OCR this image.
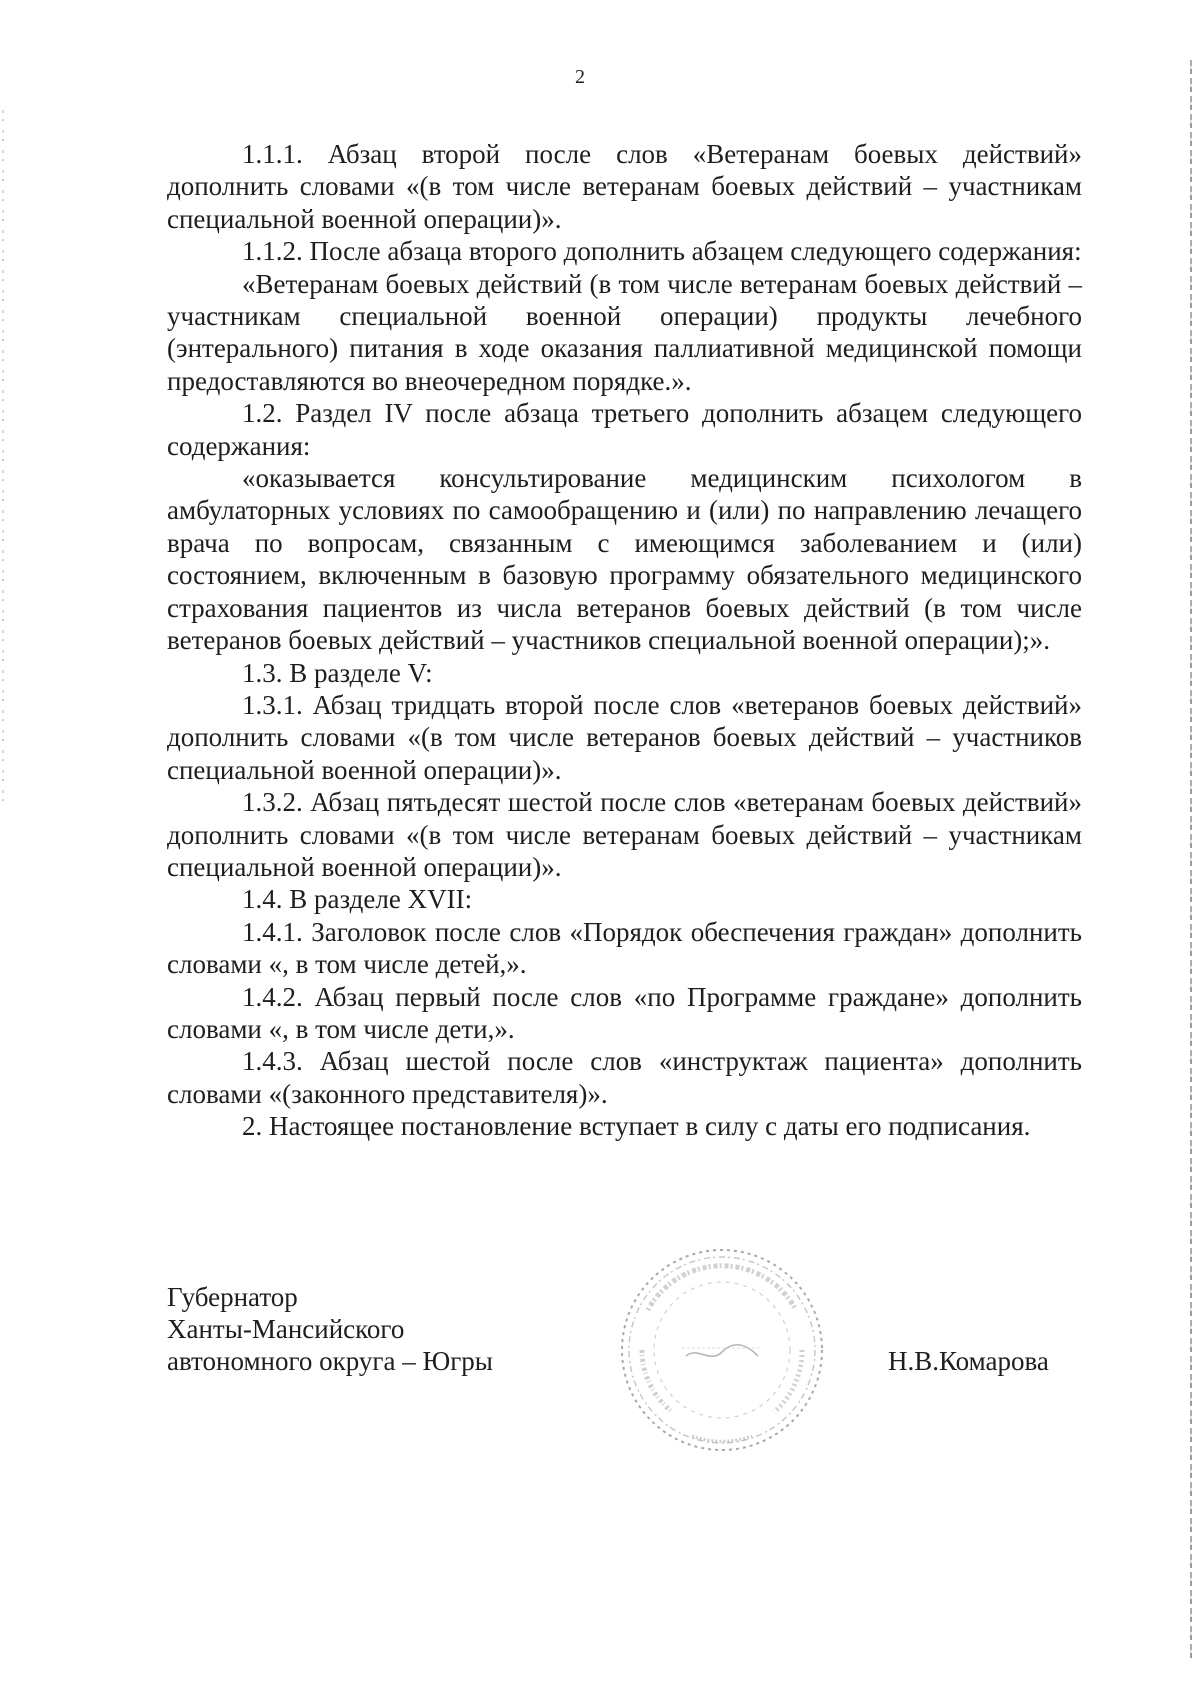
2

1.1.1. Абзац второй после слов «Ветеранам боевых действий» дополнить словами «(в том числе ветеранам боевых действий – участникам специальной военной операции)».

1.1.2. После абзаца второго дополнить абзацем следующего содержания:

«Ветеранам боевых действий (в том числе ветеранам боевых действий – участникам специальной военной операции) продукты лечебного (энтерального) питания в ходе оказания паллиативной медицинской помощи предоставляются во внеочередном порядке.».

1.2. Раздел IV после абзаца третьего дополнить абзацем следующего содержания:

«оказывается консультирование медицинским психологом в амбулаторных условиях по самообращению и (или) по направлению лечащего врача по вопросам, связанным с имеющимся заболеванием и (или) состоянием, включенным в базовую программу обязательного медицинского страхования пациентов из числа ветеранов боевых действий (в том числе ветеранов боевых действий – участников специальной военной операции);».

1.3. В разделе V:

1.3.1. Абзац тридцать второй после слов «ветеранов боевых действий» дополнить словами «(в том числе ветеранов боевых действий – участников специальной военной операции)».

1.3.2. Абзац пятьдесят шестой после слов «ветеранам боевых действий» дополнить словами «(в том числе ветеранам боевых действий – участникам специальной военной операции)».

1.4. В разделе XVII:

1.4.1. Заголовок после слов «Порядок обеспечения граждан» дополнить словами «, в том числе детей,».

1.4.2. Абзац первый после слов «по Программе граждане» дополнить словами «, в том числе дети,».

1.4.3. Абзац шестой после слов «инструктаж пациента» дополнить словами «(законного представителя)».

2. Настоящее постановление вступает в силу с даты его подписания.

Губернатор
Ханты-Мансийского
автономного округа – Югры	Н.В.Комарова
